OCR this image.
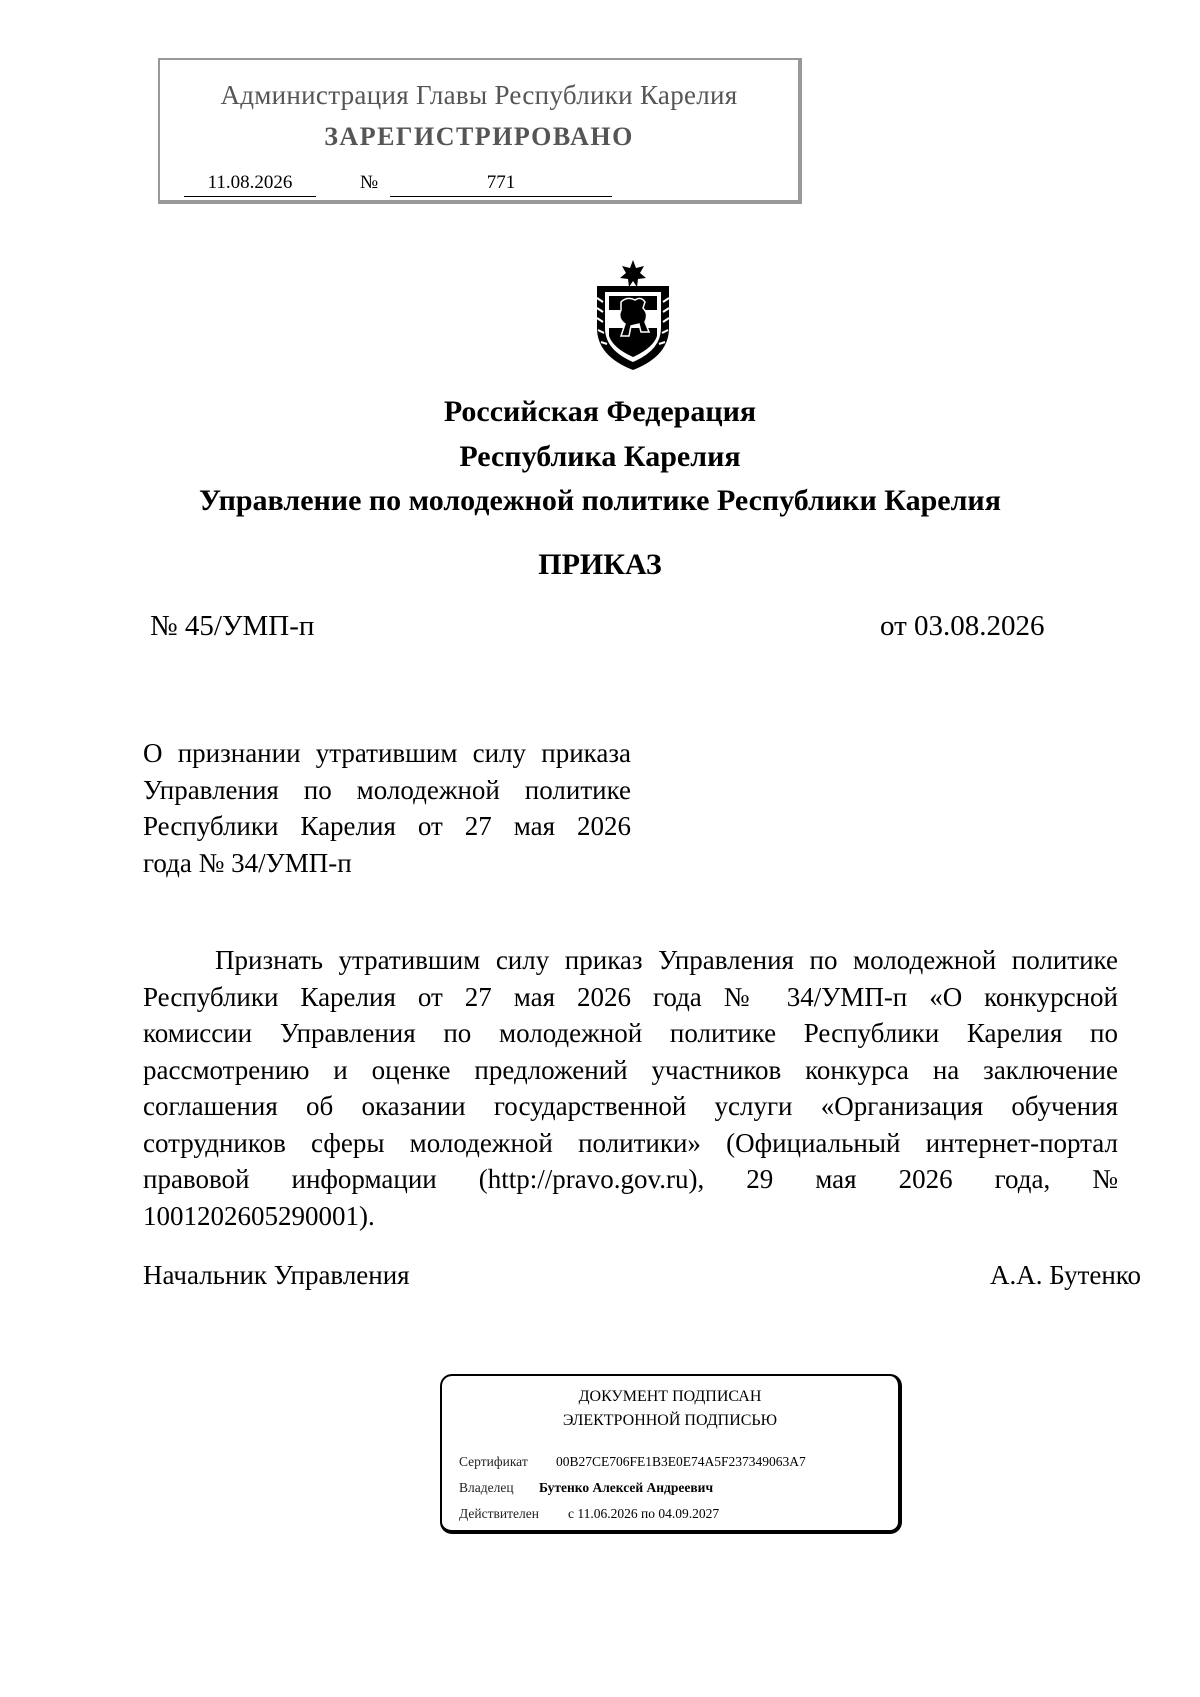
Администрация Главы Республики Карелия
ЗАРЕГИСТРИРОВАНО
11.08.2026	№	771
Российская Федерация
Республика Карелия
Управление по молодежной политике Республики Карелия
ПРИКАЗ
№ 45/УМП-п	от 03.08.2026
О признании утратившим силу приказа
Управления по молодежной политике
Республики Карелия от 27 мая 2026
года № 34/УМП-п
Признать утратившим силу приказ Управления по молодежной политике
Республики Карелия от 27 мая 2026 года № 34/УМП-п «О конкурсной
комиссии Управления по молодежной политике Республики Карелия по
рассмотрению и оценке предложений участников конкурса на заключение
соглашения об оказании государственной услуги «Организация обучения
сотрудников сферы молодежной политики» (Официальный интернет-портал
правовой информации (http://pravo.gov.ru), 29 мая 2026 года, №
1001202605290001).
Начальник Управления	А.А. Бутенко
ДОКУМЕНТ ПОДПИСАН
ЭЛЕКТРОННОЙ ПОДПИСЬЮ
Сертификат 00B27CE706FE1B3E0E74A5F237349063A7
Владелец Бутенко Алексей Андреевич
Действителен с 11.06.2026 по 04.09.2027
